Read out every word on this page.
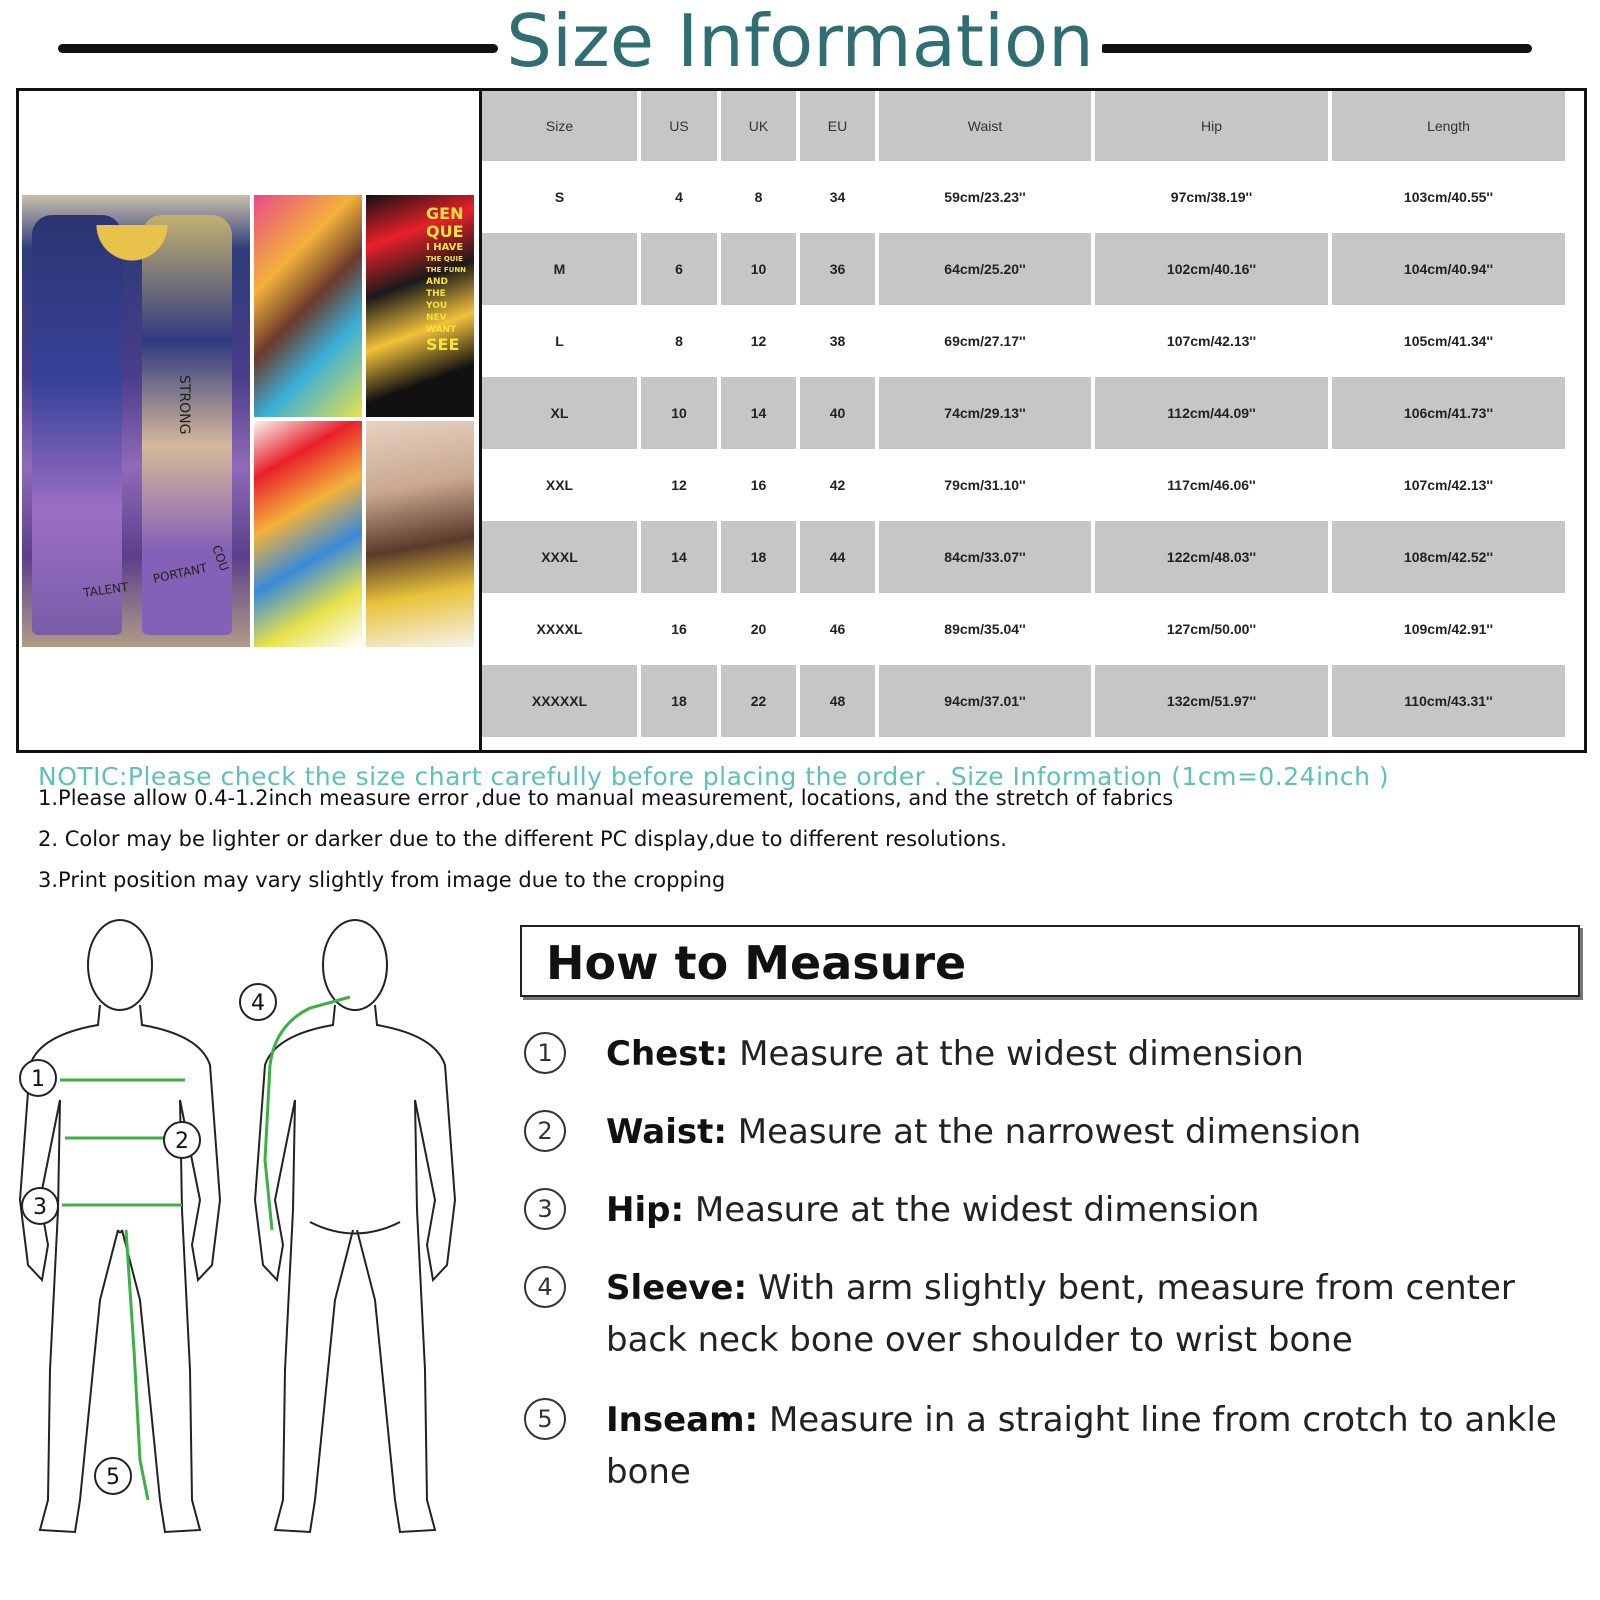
Size Information
STRONG
PORTANT
TALENT
COU
GEN
QUE
I HAVE
THE QUIE
THE FUNN
AND THE
YOU NEV
WANT
SEE
Size	US	UK	EU	Waist	Hip	Length
S	4	8	34	59cm/23.23''	97cm/38.19''	103cm/40.55''
M	6	10	36	64cm/25.20''	102cm/40.16''	104cm/40.94''
L	8	12	38	69cm/27.17''	107cm/42.13''	105cm/41.34''
XL	10	14	40	74cm/29.13''	112cm/44.09''	106cm/41.73''
XXL	12	16	42	79cm/31.10''	117cm/46.06''	107cm/42.13''
XXXL	14	18	44	84cm/33.07''	122cm/48.03''	108cm/42.52''
XXXXL	16	20	46	89cm/35.04''	127cm/50.00''	109cm/42.91''
XXXXXL	18	22	48	94cm/37.01''	132cm/51.97''	110cm/43.31''
NOTIC:Please check the size chart carefully before placing the order . Size Information (1cm=0.24inch )
1.Please allow 0.4-1.2inch measure error ,due to manual measurement, locations, and the stretch of fabrics
2. Color may be lighter or darker due to the different PC display,due to different resolutions.
3.Print position may vary slightly from image due to the cropping
1
2
3
4
5
How to Measure
1	Chest: Measure at the widest dimension
2	Waist: Measure at the narrowest dimension
3	Hip: Measure at the widest dimension
4	Sleeve: With arm slightly bent, measure from center back neck bone over shoulder to wrist bone
5	Inseam: Measure in a straight line from crotch to ankle bone
